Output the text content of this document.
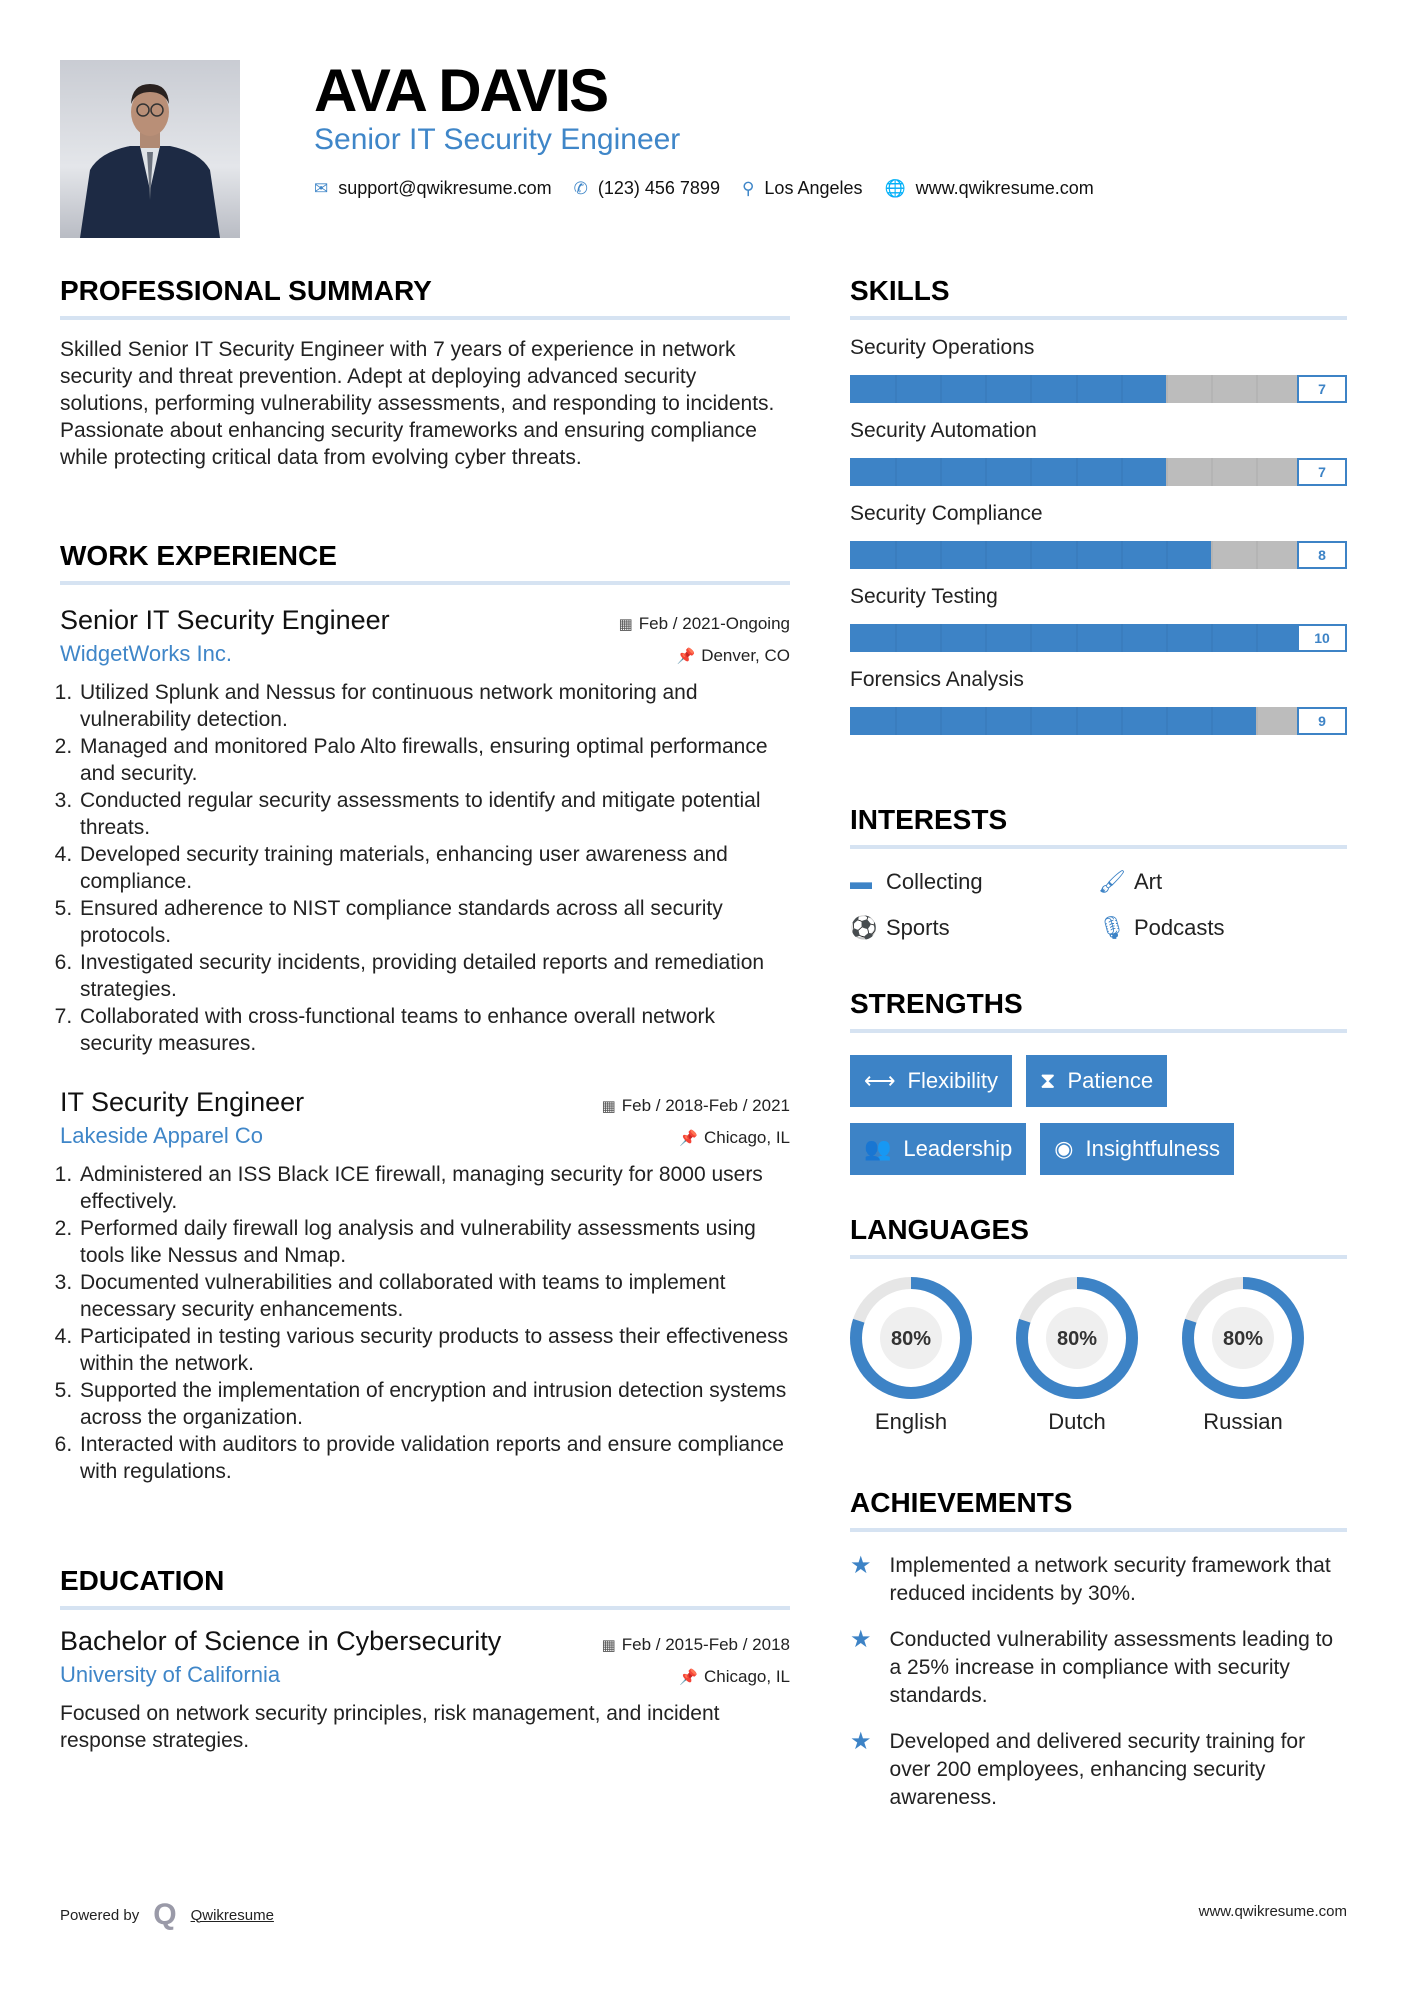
AVA DAVIS
Senior IT Security Engineer
✉ support@qwikresume.com ✆ (123) 456 7899 ⚲ Los Angeles 🌐 www.qwikresume.com
PROFESSIONAL SUMMARY
Skilled Senior IT Security Engineer with 7 years of experience in network security and threat prevention. Adept at deploying advanced security solutions, performing vulnerability assessments, and responding to incidents. Passionate about enhancing security frameworks and ensuring compliance while protecting critical data from evolving cyber threats.
WORK EXPERIENCE
Senior IT Security Engineer	▦ Feb / 2021-Ongoing
WidgetWorks Inc.	📌 Denver, CO
1. Utilized Splunk and Nessus for continuous network monitoring and vulnerability detection.
2. Managed and monitored Palo Alto firewalls, ensuring optimal performance and security.
3. Conducted regular security assessments to identify and mitigate potential threats.
4. Developed security training materials, enhancing user awareness and compliance.
5. Ensured adherence to NIST compliance standards across all security protocols.
6. Investigated security incidents, providing detailed reports and remediation strategies.
7. Collaborated with cross-functional teams to enhance overall network security measures.
IT Security Engineer	▦ Feb / 2018-Feb / 2021
Lakeside Apparel Co	📌 Chicago, IL
1. Administered an ISS Black ICE firewall, managing security for 8000 users effectively.
2. Performed daily firewall log analysis and vulnerability assessments using tools like Nessus and Nmap.
3. Documented vulnerabilities and collaborated with teams to implement necessary security enhancements.
4. Participated in testing various security products to assess their effectiveness within the network.
5. Supported the implementation of encryption and intrusion detection systems across the organization.
6. Interacted with auditors to provide validation reports and ensure compliance with regulations.
EDUCATION
Bachelor of Science in Cybersecurity	▦ Feb / 2015-Feb / 2018
University of California	📌 Chicago, IL
Focused on network security principles, risk management, and incident response strategies.
SKILLS
Security Operations
7
Security Automation
7
Security Compliance
8
Security Testing
10
Forensics Analysis
9
INTERESTS
▬ Collecting	🖌 Art
⚽ Sports	🎙 Podcasts
STRENGTHS
⟷ Flexibility ⧗ Patience
👥 Leadership ◉ Insightfulness
LANGUAGES
80%
English
80%
Dutch
80%
Russian
ACHIEVEMENTS
★ Implemented a network security framework that reduced incidents by 30%.
★ Conducted vulnerability assessments leading to a 25% increase in compliance with security standards.
★ Developed and delivered security training for over 200 employees, enhancing security awareness.
Powered by Q Qwikresume	www.qwikresume.com
